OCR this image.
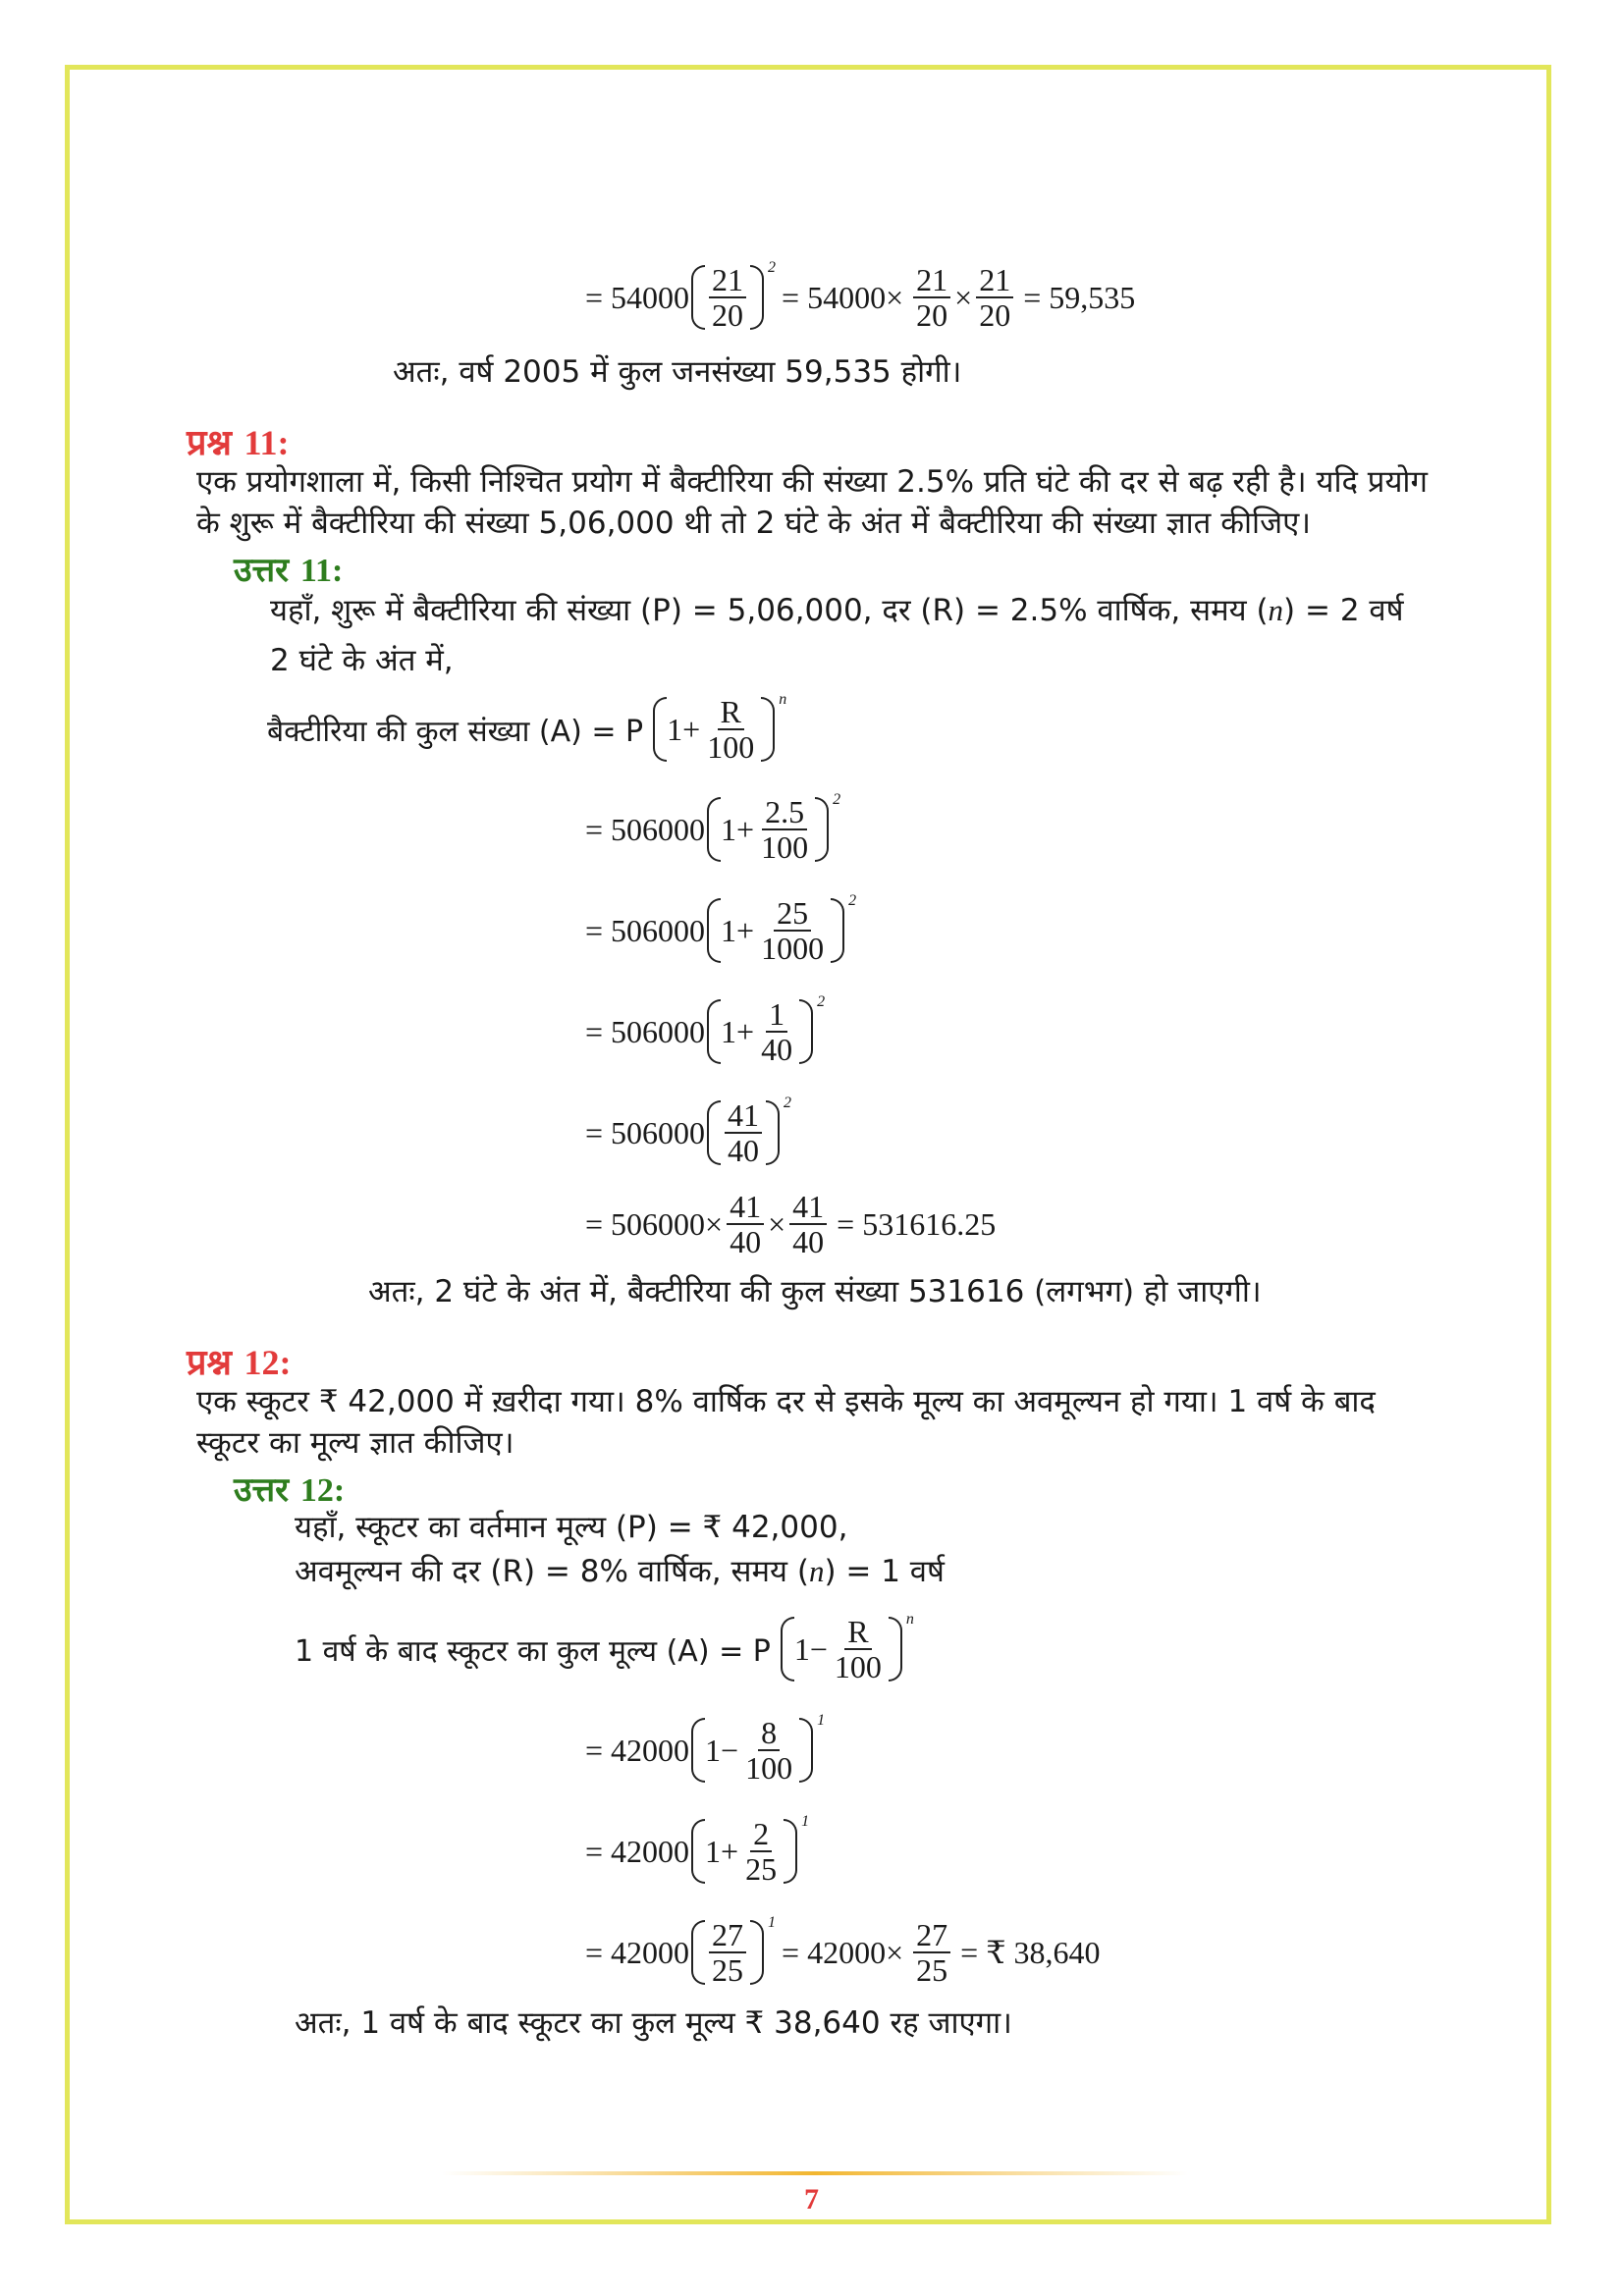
= $54000 \frac{21}{20} 2$
= $54000\times \frac{21}{20} \times \frac{21}{20} = 59,535$
अतः, वर्ष 2005 में कुल जनसंख्या 59,535 होगी।
प्रश्न 11:
एक प्रयोगशाला में, किसी निश्चित प्रयोग में बैक्टीरिया की संख्या 2.5% प्रति घंटे की दर से बढ़ रही है। यदि प्रयोग
के शुरू में बैक्टीरिया की संख्या 5,06,000 थी तो 2 घंटे के अंत में बैक्टीरिया की संख्या ज्ञात कीजिए।
उत्तर 11:
यहाँ, शुरू में बैक्टीरिया की संख्या (P) = 5,06,000, दर (R) = 2.5% वार्षिक, समय (n) = 2 वर्ष
2 घंटे के अंत में,
बैक्टीरिया की कुल संख्या (A) = P $1+ \frac{R}{100}$ n
= 506000 $1+ \frac{2.5}{100} 2$
= 506000 $1+ \frac{25}{1000} 2$
= 506000 $1+ \frac{1}{40} 2$
= $506000 \frac{41}{40} 2$
= $506000\times \frac{41}{40} \times \frac{41}{40} = 531616.25$
अतः, 2 घंटे के अंत में, बैक्टीरिया की कुल संख्या 531616 (लगभग) हो जाएगी।
प्रश्न 12:
एक स्कूटर ₹ 42,000 में ख़रीदा गया। 8% वार्षिक दर से इसके मूल्य का अवमूल्यन हो गया। 1 वर्ष के बाद
स्कूटर का मूल्य ज्ञात कीजिए।
उत्तर 12:
यहाँ, स्कूटर का वर्तमान मूल्य (P) = ₹ 42,000,
अवमूल्यन की दर (R) = 8% वार्षिक, समय (n) = 1 वर्ष
1 वर्ष के बाद स्कूटर का कुल मूल्य (A) = P $1- \frac{R}{100}$ n
= 42000 $1- \frac{8}{100} 1$
= 42000 $1+ \frac{2}{25} 1$
= $42000 \frac{27}{25} 1$
= $42000\times \frac{27}{25}$ = ₹ 38,640
अतः, 1 वर्ष के बाद स्कूटर का कुल मूल्य ₹ 38,640 रह जाएगा।
7
